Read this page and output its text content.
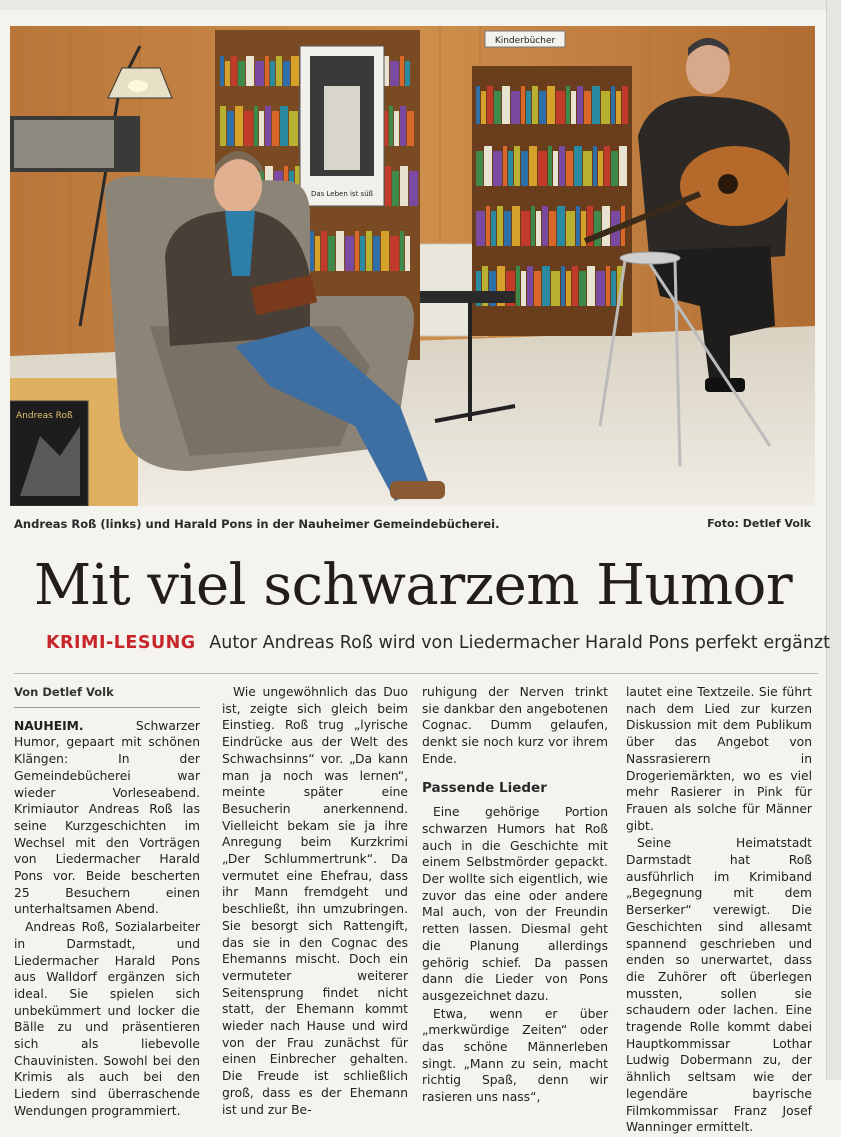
Das Leben ist süß
Kinderbücher
Andreas Roß
Andreas Roß (links) und Harald Pons in der Nauheimer Gemeindebücherei.	Foto: Detlef Volk
Mit viel schwarzem Humor
KRIMI-LESUNG Autor Andreas Roß wird von Liedermacher Harald Pons perfekt ergänzt
Von Detlef Volk

NAUHEIM.	Schwarzer Humor, gepaart mit schönen Klängen: In der Gemeindebücherei war wieder Vorleseabend. Krimiautor Andreas Roß las seine Kurzgeschichten im Wechsel mit den Vorträgen von Liedermacher Harald Pons vor. Beide bescherten 25 Besuchern einen unterhaltsamen Abend.

Andreas Roß, Sozialarbeiter in Darmstadt, und Liedermacher Harald Pons aus Walldorf ergänzen sich ideal. Sie spielen sich unbekümmert und locker die Bälle zu und präsentieren sich als liebevolle Chauvinisten. Sowohl bei den Krimis als auch bei den Liedern sind überraschende Wendungen programmiert.

Wie ungewöhnlich das Duo ist, zeigte sich gleich beim Einstieg. Roß trug „lyrische Eindrücke aus der Welt des Schwachsinns“ vor. „Da kann man ja noch was lernen“, meinte später eine Besucherin anerkennend. Vielleicht bekam sie ja ihre Anregung beim Kurzkrimi „Der Schlummertrunk“. Da vermutet eine Ehefrau, dass ihr Mann fremdgeht und beschließt, ihn umzubringen. Sie besorgt sich Rattengift, das sie in den Cognac des Ehemanns mischt. Doch ein vermuteter weiterer Seitensprung findet nicht statt, der Ehemann kommt wieder nach Hause und wird von der Frau zunächst für einen Einbrecher gehalten. Die Freude ist schließlich groß, dass es der Ehemann ist und zur Be-

ruhigung der Nerven trinkt sie dankbar den angebotenen Cognac. Dumm gelaufen, denkt sie noch kurz vor ihrem Ende.

Passende Lieder

Eine gehörige Portion schwarzen Humors hat Roß auch in die Geschichte mit einem Selbstmörder gepackt. Der wollte sich eigentlich, wie zuvor das eine oder andere Mal auch, von der Freundin retten lassen. Diesmal geht die Planung allerdings gehörig schief. Da passen dann die Lieder von Pons ausgezeichnet dazu.

Etwa, wenn er über „merkwürdige Zeiten“ oder das schöne Männerleben singt. „Mann zu sein, macht richtig Spaß, denn wir rasieren uns nass“,

lautet eine Textzeile. Sie führt nach dem Lied zur kurzen Diskussion mit dem Publikum über das Angebot von Nassrasierern in Drogeriemärkten, wo es viel mehr Rasierer in Pink für Frauen als solche für Männer gibt.

Seine Heimatstadt Darmstadt hat Roß ausführlich im Krimiband „Begegnung mit dem Berserker“ verewigt. Die Geschichten sind allesamt spannend geschrieben und enden so unerwartet, dass die Zuhörer oft überlegen mussten, sollen sie schaudern oder lachen. Eine tragende Rolle kommt dabei Hauptkommissar Lothar Ludwig Dobermann zu, der ähnlich seltsam wie der legendäre bayrische Filmkommissar Franz Josef Wanninger ermittelt.
